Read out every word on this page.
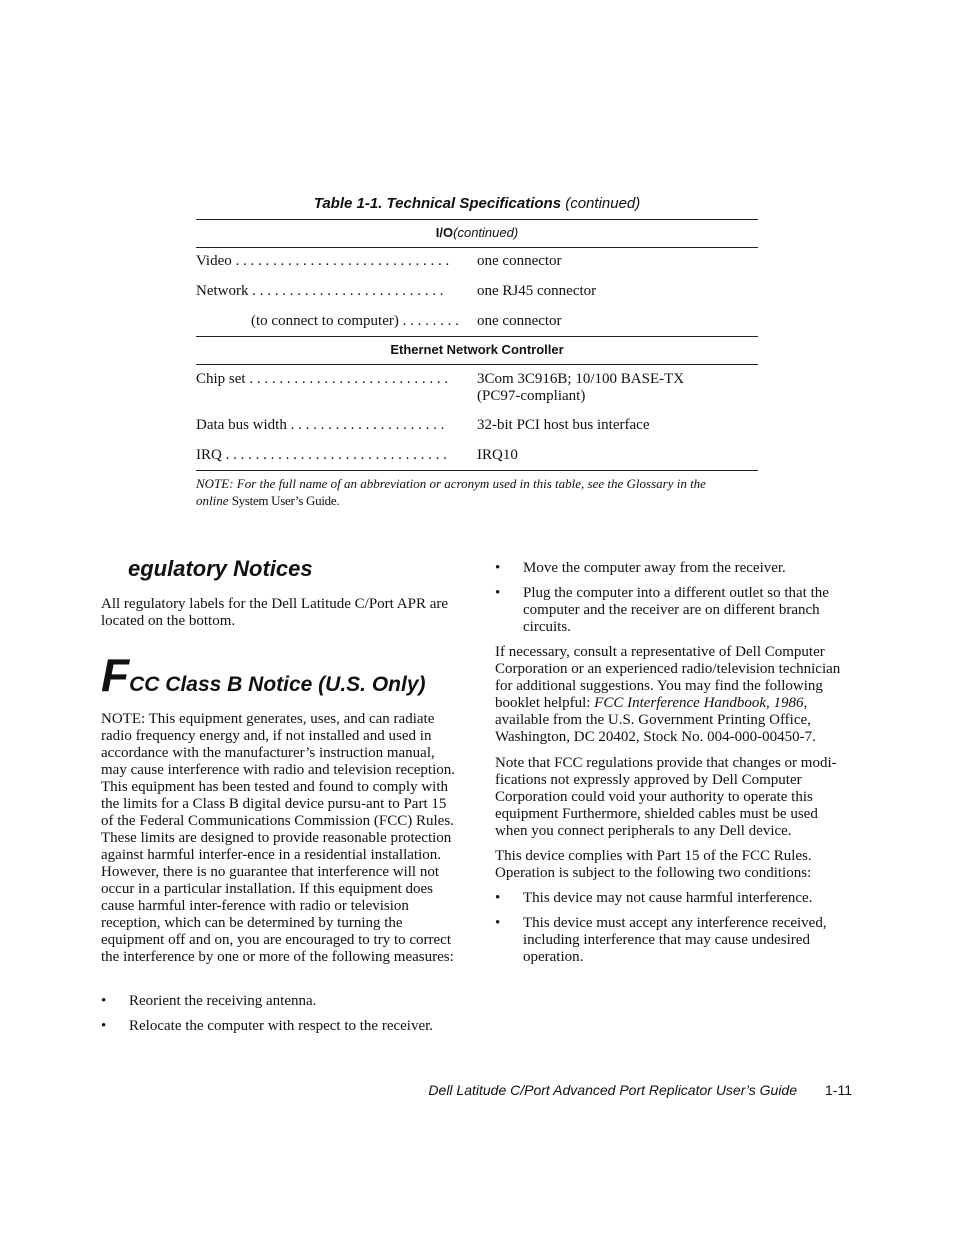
Table 1-1. Technical Specifications (continued)
I/O(continued)
Video . . . . . . . . . . . . . . . . . . . . . . . . . . . . .	one connector
Network . . . . . . . . . . . . . . . . . . . . . . . . . .	one RJ45 connector
(to connect to computer) . . . . . . . .	one connector
Ethernet Network Controller
Chip set . . . . . . . . . . . . . . . . . . . . . . . . . . .	3Com 3C916B; 10/100 BASE-TX
(PC97-compliant)
Data bus width . . . . . . . . . . . . . . . . . . . . .	32-bit PCI host bus interface
IRQ . . . . . . . . . . . . . . . . . . . . . . . . . . . . . .	IRQ10
NOTE: For the full name of an abbreviation or acronym used in this table, see the Glossary in the
online System User’s Guide.
egulatory Notices
All regulatory labels for the Dell Latitude C/Port APR are located on the bottom.
FCC Class B Notice (U.S. Only)
NOTE: This equipment generates, uses, and can radiate radio frequency energy and, if not installed and used in accordance with the manufacturer’s instruction manual, may cause interference with radio and television reception. This equipment has been tested and found to comply with the limits for a Class B digital device pursu-ant to Part 15 of the Federal Communications Commission (FCC) Rules. These limits are designed to provide reasonable protection against harmful interfer-ence in a residential installation. However, there is no guarantee that interference will not occur in a particular installation. If this equipment does cause harmful inter-ference with radio or television reception, which can be determined by turning the equipment off and on, you are encouraged to try to correct the interference by one or more of the following measures:
• Reorient the receiving antenna.
• Relocate the computer with respect to the receiver.
• Move the computer away from the receiver.
• Plug the computer into a different outlet so that the computer and the receiver are on different branch circuits.
If necessary, consult a representative of Dell Computer Corporation or an experienced radio/television technician for additional suggestions. You may find the following booklet helpful: FCC Interference Handbook, 1986, available from the U.S. Government Printing Office, Washington, DC 20402, Stock No. 004-000-00450-7.
Note that FCC regulations provide that changes or modi-fications not expressly approved by Dell Computer Corporation could void your authority to operate this equipment Furthermore, shielded cables must be used when you connect peripherals to any Dell device.
This device complies with Part 15 of the FCC Rules. Operation is subject to the following two conditions:
• This device may not cause harmful interference.
• This device must accept any interference received, including interference that may cause undesired operation.
Dell Latitude C/Port Advanced Port Replicator User’s Guide 1-11
